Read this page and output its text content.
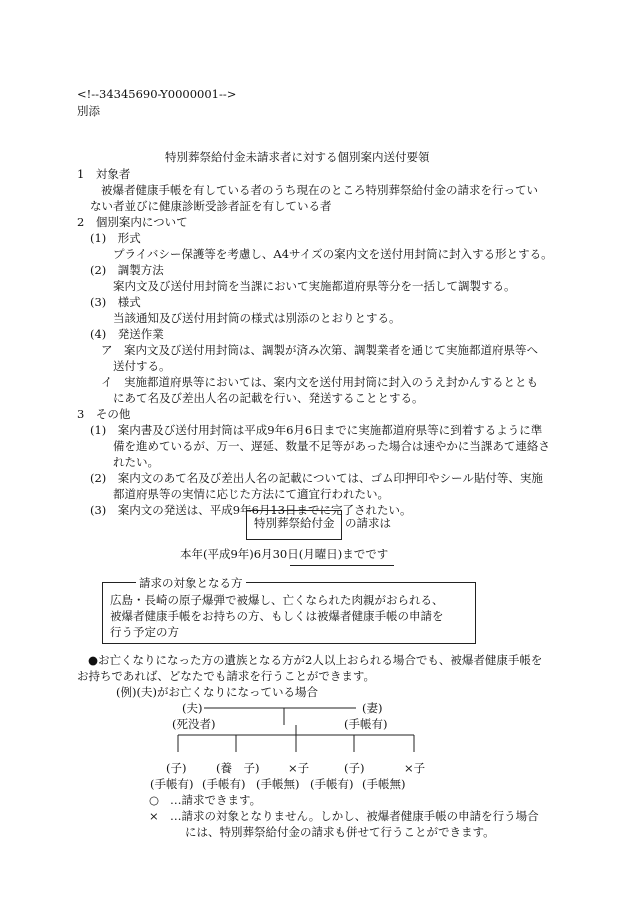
<!--34345690-Y0000001-->
別添
特別葬祭給付金未請求者に対する個別案内送付要領
1　対象者
被爆者健康手帳を有している者のうち現在のところ特別葬祭給付金の請求を行ってい
ない者並びに健康診断受診者証を有している者
2　個別案内について
(1)　形式
プライバシー保護等を考慮し、A4サイズの案内文を送付用封筒に封入する形とする。
(2)　調製方法
案内文及び送付用封筒を当課において実施都道府県等分を一括して調製する。
(3)　様式
当該通知及び送付用封筒の様式は別添のとおりとする。
(4)　発送作業
ア　案内文及び送付用封筒は、調製が済み次第、調製業者を通じて実施都道府県等へ
送付する。
イ　実施都道府県等においては、案内文を送付用封筒に封入のうえ封かんするととも
にあて名及び差出人名の記載を行い、発送することとする。
3　その他
(1)　案内書及び送付用封筒は平成9年6月6日までに実施都道府県等に到着するように準
備を進めているが、万一、遅延、数量不足等があった場合は速やかに当課あて連絡さ
れたい。
(2)　案内文のあて名及び差出人名の記載については、ゴム印押印やシール貼付等、実施
都道府県等の実情に応じた方法にて適宜行われたい。
(3)　案内文の発送は、平成9年6月13日までに完了されたい。
特別葬祭給付金 の請求は
本年(平成9年)6月30日(月曜日)までです
請求の対象となる方
広島・長崎の原子爆弾で被爆し、亡くなられた肉親がおられる、
被爆者健康手帳をお持ちの方、もしくは被爆者健康手帳の申請を
行う予定の方
●お亡くなりになった方の遺族となる方が2人以上おられる場合でも、被爆者健康手帳を
お持ちであれば、どなたでも請求を行うことができます。
(例)(夫)がお亡くなりになっている場合
(夫)	(妻)
(死没者)	(手帳有)
(子)	(養　子) ×子	(子)	×子
(手帳有) (手帳有) (手帳無) (手帳有) (手帳無)
○ …請求できます。
× …請求の対象となりません。しかし、被爆者健康手帳の申請を行う場合
には、特別葬祭給付金の請求も併せて行うことができます。
